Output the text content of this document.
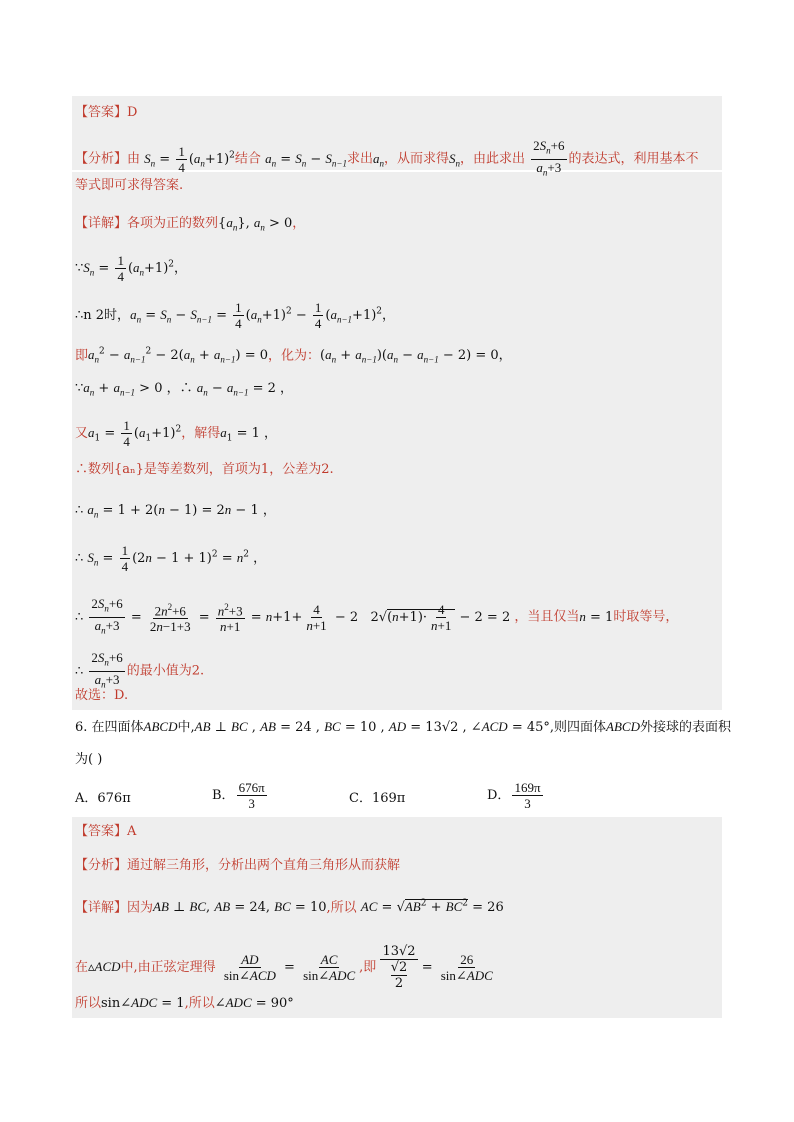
【答案】D
【分析】由 $S_n = \frac{1}{4} (a_n+1)^2$结合 $a_n = S_n - S_{n-1}$求出$a_n$，从而求得$S_n$，由此求出 $\frac{2S_n+6}{a_n+3}$ 的表达式，利用基本不
等式即可求得答案.
【详解】各项为正的数列$\{a_n\}$, $a_n > 0$，
$\because S_n = \frac{1}{4} (a_n+1)^2$，
∴n 2时，$a_n = S_n - S_{n-1} = \frac{1}{4} (a_n+1)^2 - \frac{1}{4} (a_{n-1}+1)^2$，
即$a_n^2 - a_{n-1}^2 - 2(a_n + a_{n-1}) = 0$，化为：$(a_n + a_{n-1})(a_n - a_{n-1} - 2) = 0$，
$\because a_n + a_{n-1} > 0$ ，∴ $a_n - a_{n-1} = 2$ ，
又$a_1 = \frac{1}{4} (a_1+1)^2$，解得$a_1 = 1$ ，
∴数列{aₙ}是等差数列，首项为1，公差为2.
∴ $a_n = 1 + 2(n - 1) = 2n - 1$ ，
∴ $S_n = \frac{1}{4} (2n - 1 + 1)^2 = n^2$ ，
∴ $\frac{2S_n+6}{a_n+3} = \frac{2n^2+6}{2n-1+3} = \frac{n^2+3}{n+1} = n+1+ \frac{4}{n+1} - 2$   $2√(n+1)\cdot \frac{4}{n+1} - 2 = 2$ ，当且仅当n = 1时取等号，
∴ $\frac{2S_n+6}{a_n+3}$ 的最小值为2.
故选：D.
6. 在四面体ABCD中,AB ⊥ BC , AB = 24 , BC = 10 , AD = 13√2 , ∠ACD = 45°,则四面体ABCD外接球的表面积
为( )
A．676π	B． $\frac{676\pi}{3}$	C．169π	D． $\frac{169\pi}{3}$
【答案】A
【分析】通过解三角形，分析出两个直角三角形从而获解
【详解】因为AB ⊥ BC, AB = 24, BC = 10,所以 AC = $√AB^2 + BC^2 = 26$
在▵ACD中,由正弦定理得 $\frac{AD}{\text{sin∠ACD}} = \frac{AC}{\text{sin∠ADC}}$ ,即 13√2
√2
$2 = \frac{26}{\text{sin∠ADC}}$
所以sin∠ADC = 1,所以∠ADC = 90°
